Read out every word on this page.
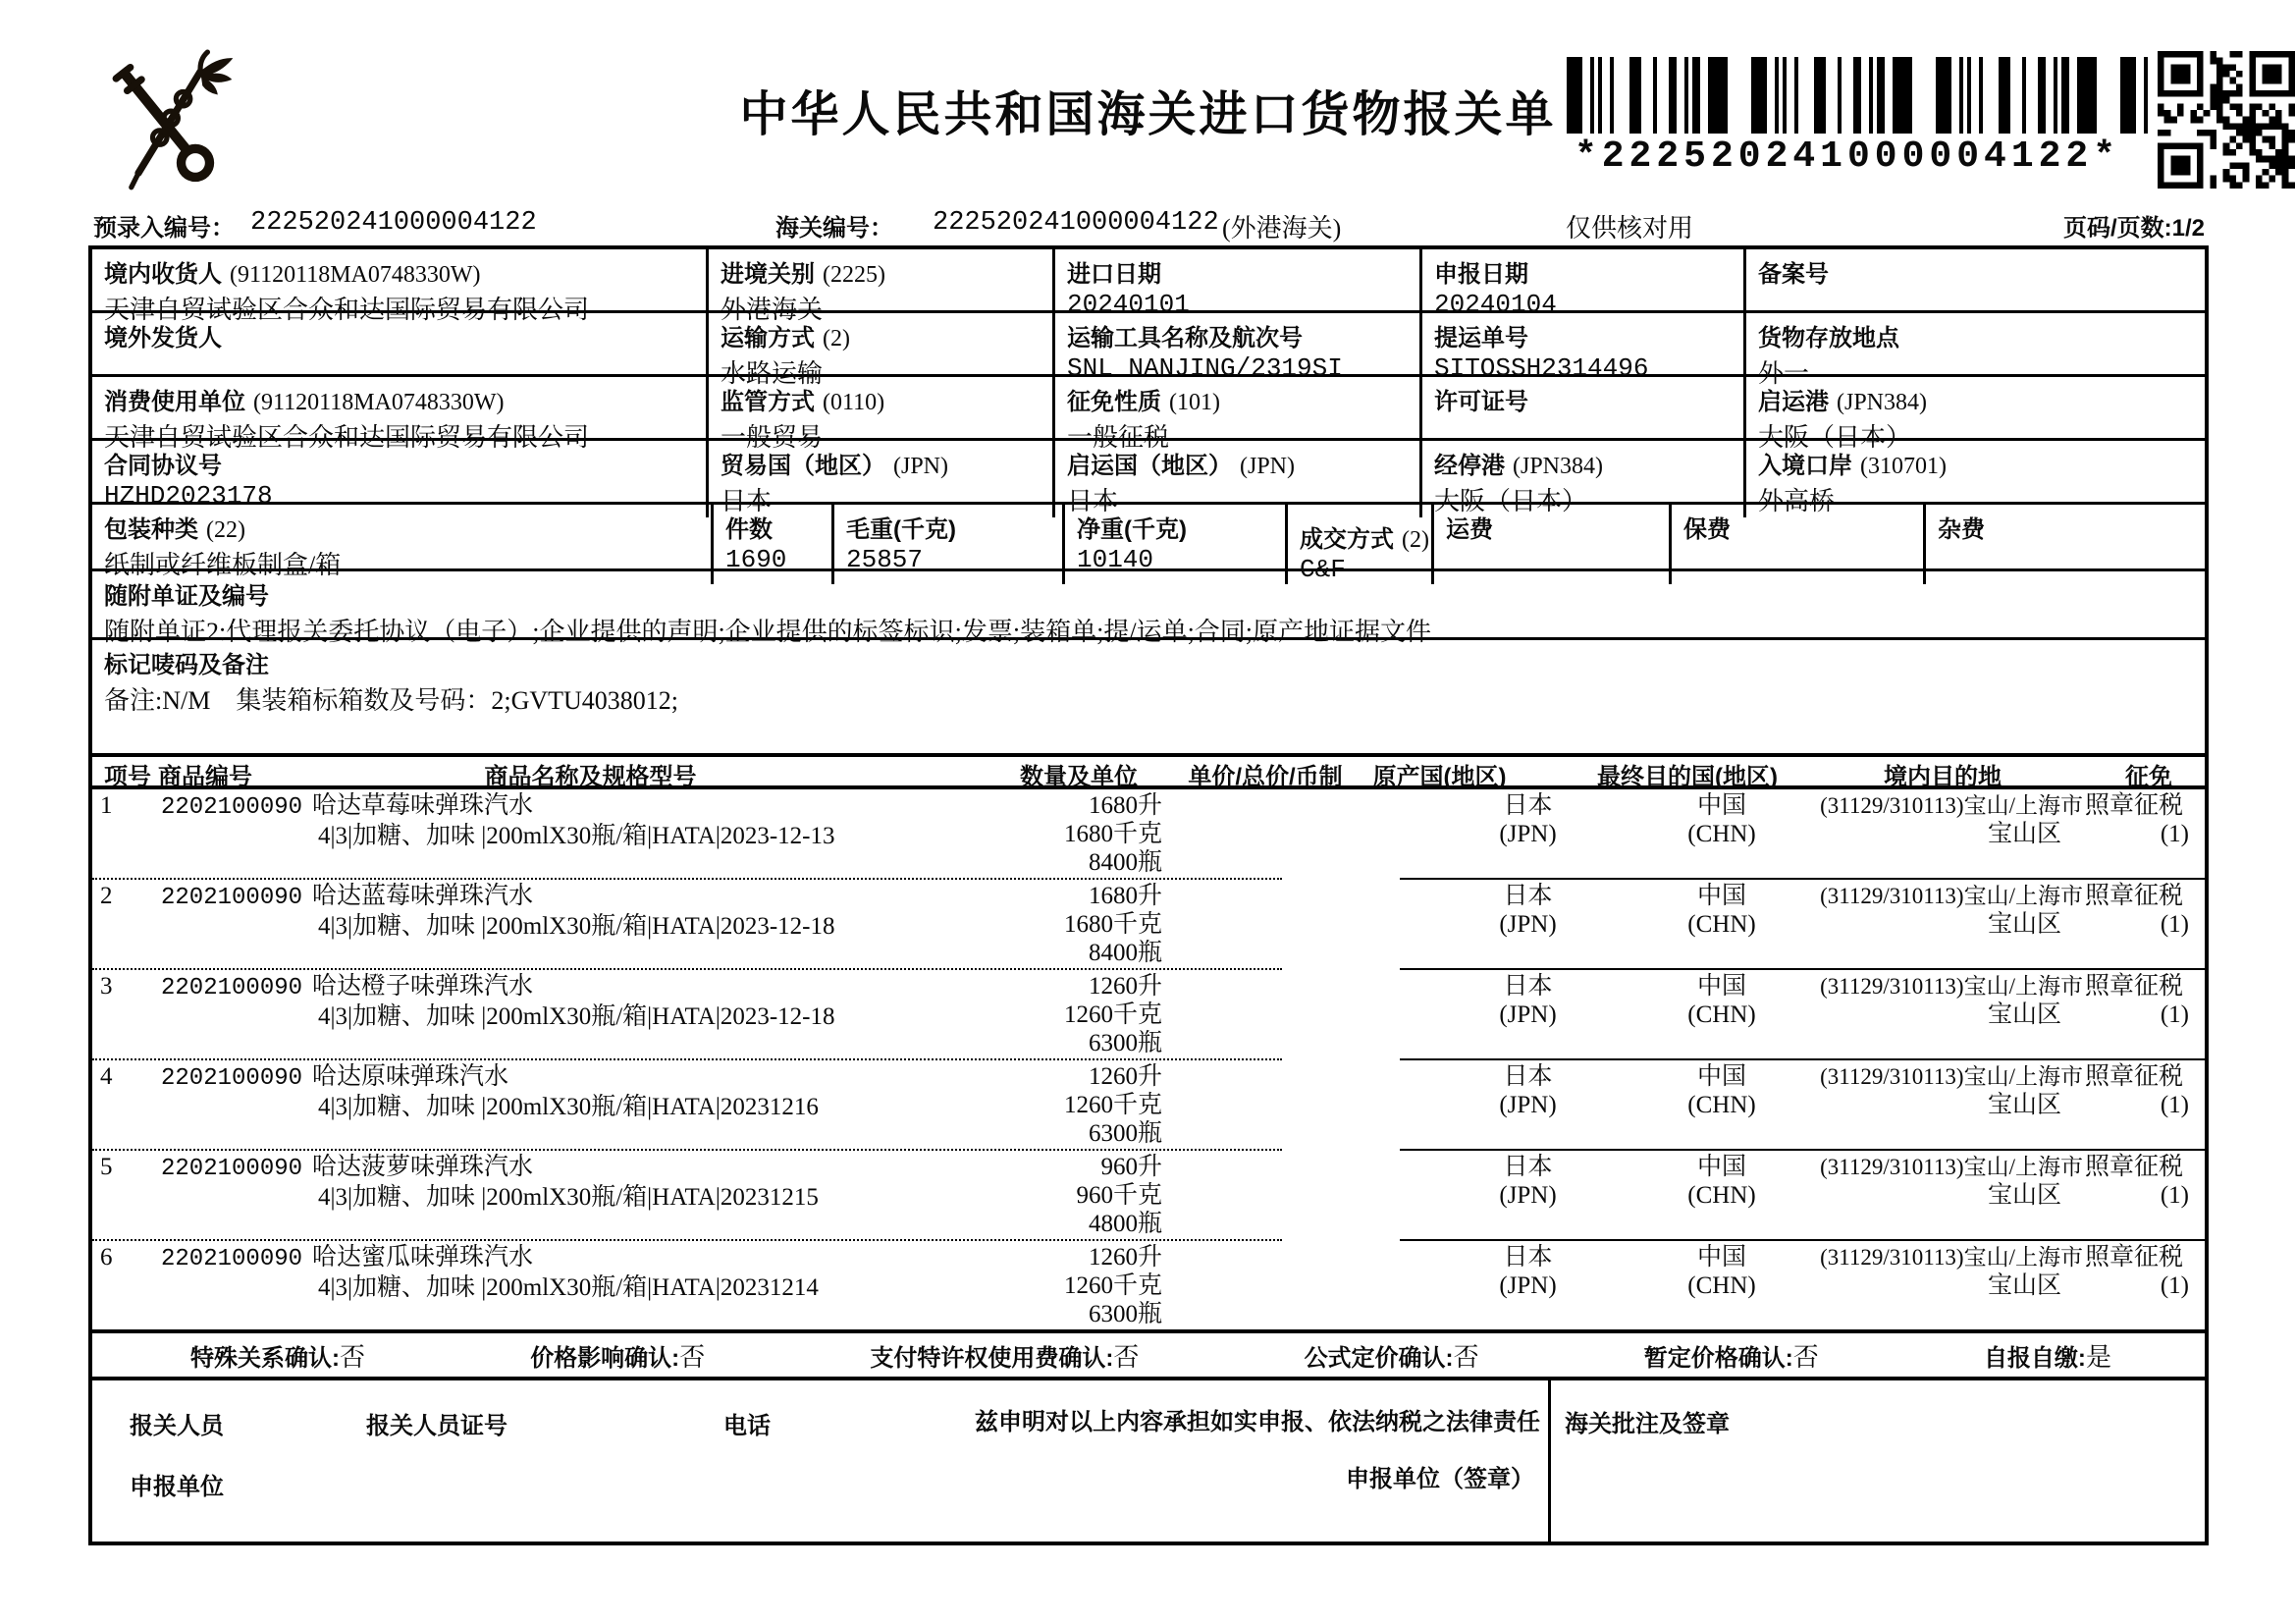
中华人民共和国海关进口货物报关单
*222520241000004122*
预录入编号： 222520241000004122	海关编号： 222520241000004122 (外港海关)	仅供核对用	页码/页数:1/2
境内收货人 (91120118MA0748330W)
天津自贸试验区合众和达国际贸易有限公司
进境关别 (2225)
外港海关
进口日期
20240101
申报日期
20240104
备案号
境外发货人	运输方式 (2)
水路运输
运输工具名称及航次号
SNL NANJING/2319SI
提运单号
SITOSSH2314496
货物存放地点
外一
消费使用单位 (91120118MA0748330W)
天津自贸试验区合众和达国际贸易有限公司
监管方式 (0110)
一般贸易
征免性质 (101)
一般征税
许可证号	启运港 (JPN384)
大阪（日本）
合同协议号
HZHD2023178
贸易国（地区） (JPN)
日本
启运国（地区） (JPN)
日本
经停港 (JPN384)
大阪（日本）
入境口岸 (310701)
外高桥
包装种类 (22)
纸制或纤维板制盒/箱
件数
1690
毛重(千克)
25857
净重(千克)
10140
成交方式 (2)
C&F
运费	保费	杂费
随附单证及编号
随附单证2:代理报关委托协议（电子）;企业提供的声明;企业提供的标签标识;发票;装箱单;提/运单;合同;原产地证据文件
标记唛码及备注
备注:N/M　集装箱标箱数及号码：2;GVTU4038012;
项号 商品编号	商品名称及规格型号	数量及单位	单价/总价/币制	原产国(地区)	最终目的国(地区)	境内目的地	征免
1	2202100090 哈达草莓味弹珠汽水
4|3|加糖、加味 |200mlX30瓶/箱|HATA|2023-12-13
1680升
1680千克
8400瓶
日本
(JPN)
中国
(CHN)
(31129/310113)宝山/上海市
宝山区
照章征税
(1)
2	2202100090 哈达蓝莓味弹珠汽水
4|3|加糖、加味 |200mlX30瓶/箱|HATA|2023-12-18
1680升
1680千克
8400瓶
日本
(JPN)
中国
(CHN)
(31129/310113)宝山/上海市
宝山区
照章征税
(1)
3	2202100090 哈达橙子味弹珠汽水
4|3|加糖、加味 |200mlX30瓶/箱|HATA|2023-12-18
1260升
1260千克
6300瓶
日本
(JPN)
中国
(CHN)
(31129/310113)宝山/上海市
宝山区
照章征税
(1)
4	2202100090 哈达原味弹珠汽水
4|3|加糖、加味 |200mlX30瓶/箱|HATA|20231216
1260升
1260千克
6300瓶
日本
(JPN)
中国
(CHN)
(31129/310113)宝山/上海市
宝山区
照章征税
(1)
5	2202100090 哈达菠萝味弹珠汽水
4|3|加糖、加味 |200mlX30瓶/箱|HATA|20231215
960升
960千克
4800瓶
日本
(JPN)
中国
(CHN)
(31129/310113)宝山/上海市
宝山区
照章征税
(1)
6	2202100090 哈达蜜瓜味弹珠汽水
4|3|加糖、加味 |200mlX30瓶/箱|HATA|20231214
1260升
1260千克
6300瓶
日本
(JPN)
中国
(CHN)
(31129/310113)宝山/上海市
宝山区
照章征税
(1)
特殊关系确认:否	价格影响确认:否	支付特许权使用费确认:否	公式定价确认:否	暂定价格确认:否	自报自缴:是
报关人员	报关人员证号	电话	兹申明对以上内容承担如实申报、依法纳税之法律责任
申报单位	申报单位（签章）
海关批注及签章
